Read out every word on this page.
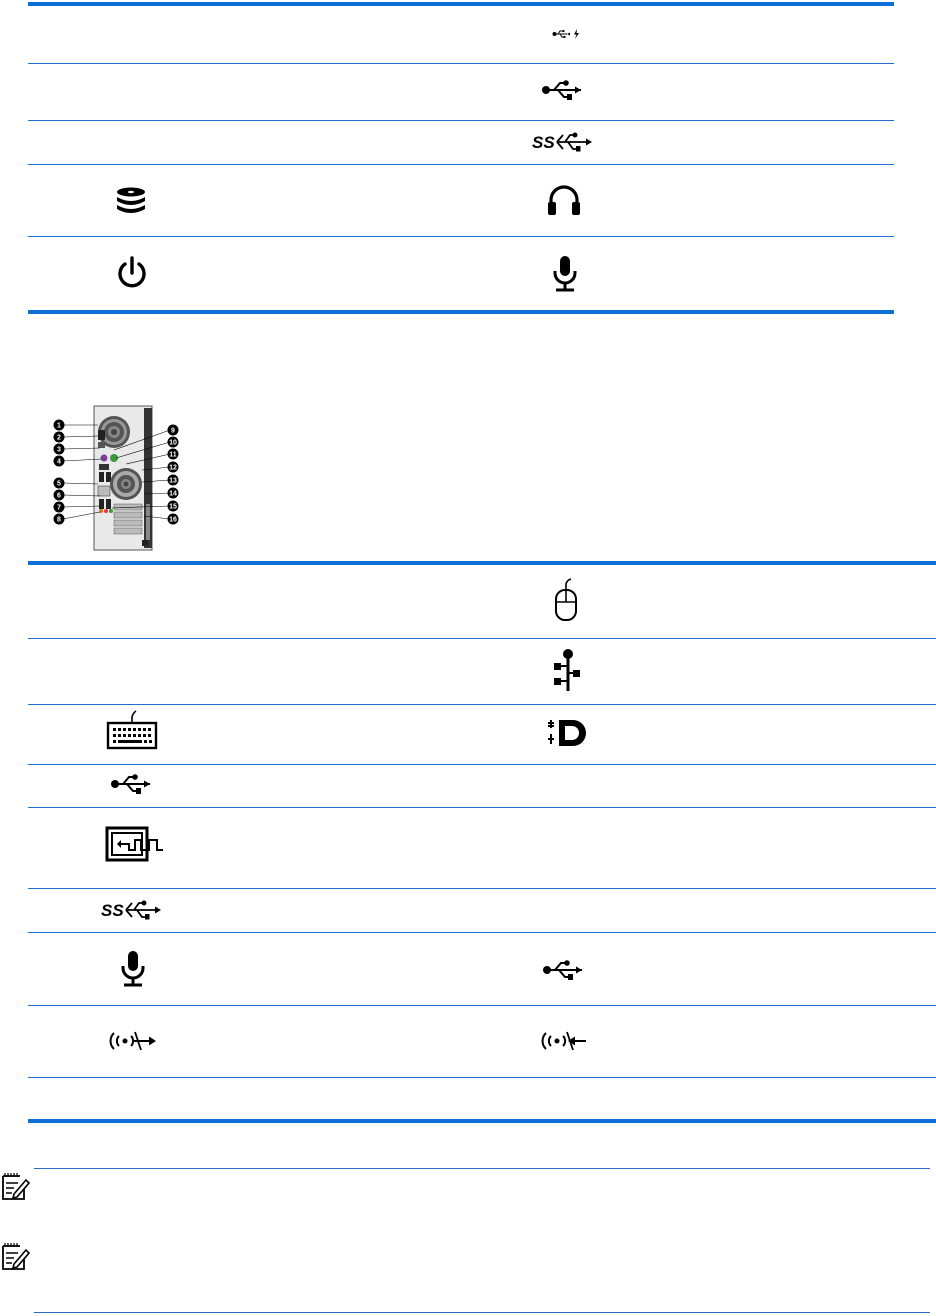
SS
1
2
3
4
5
6
7
8
9
10
11
12
13
14
15
16
SS
